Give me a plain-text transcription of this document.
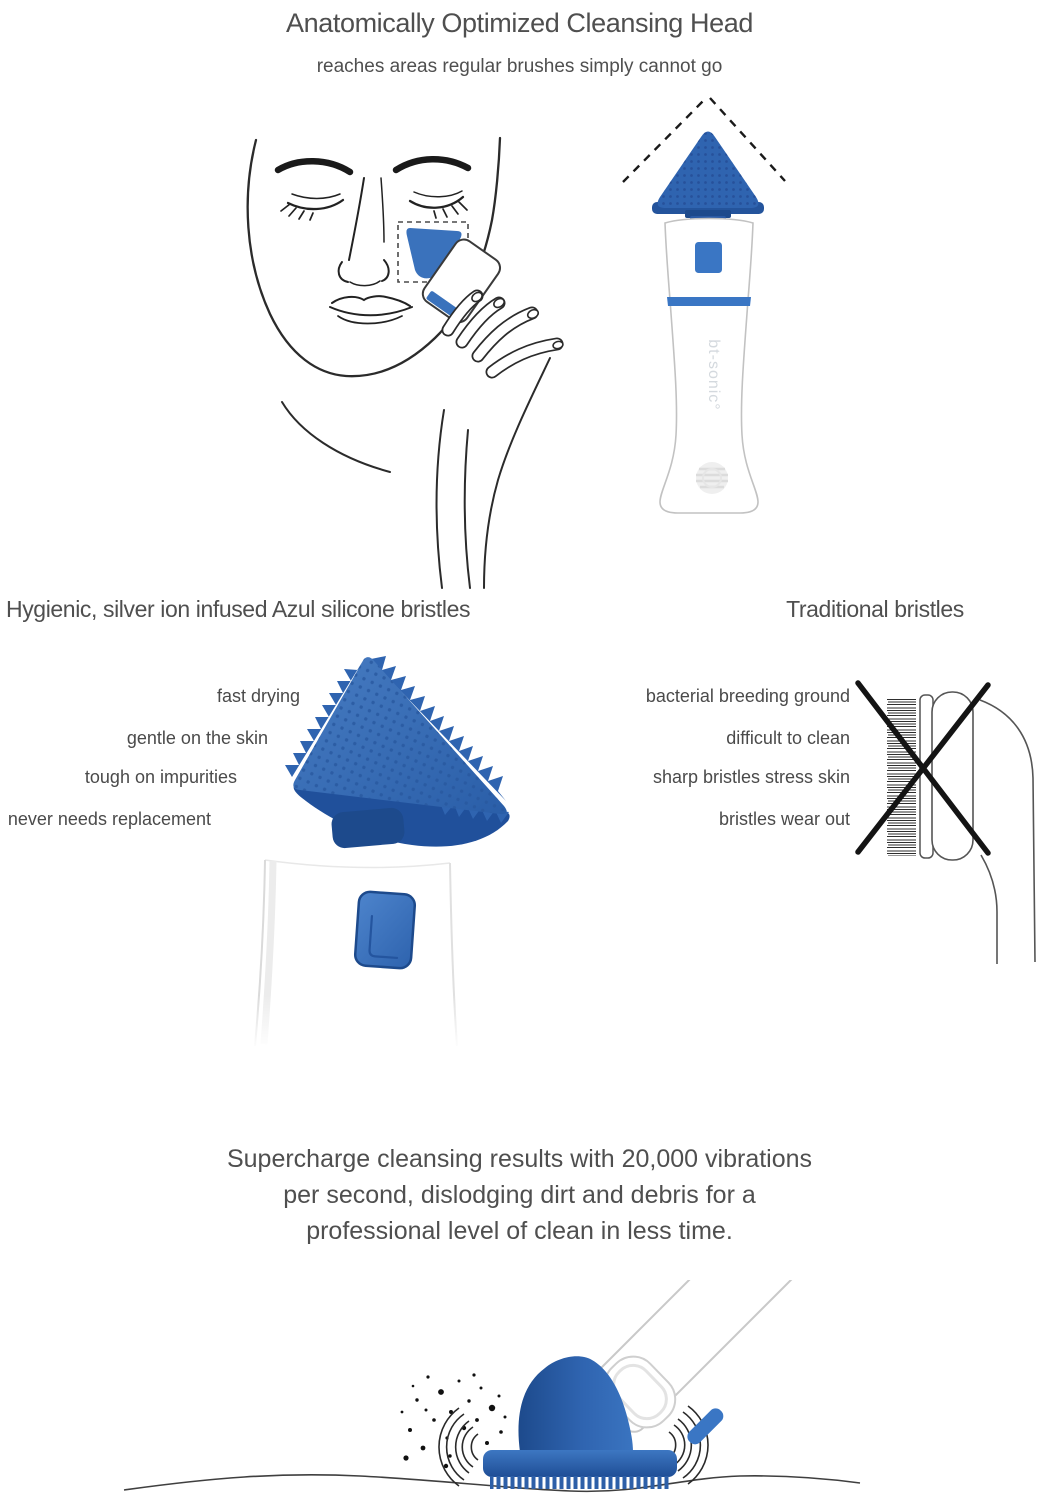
Anatomically Optimized Cleansing Head

reaches areas regular brushes simply cannot go

bt-sonic°
Hygienic, silver ion infused Azul silicone bristles	Traditional bristles
fast drying
gentle on the skin
tough on impurities
never needs replacement
bacterial breeding ground
difficult to clean
sharp bristles stress skin
bristles wear out
Supercharge cleansing results with 20,000 vibrations
per second, dislodging dirt and debris for a
professional level of clean in less time.
